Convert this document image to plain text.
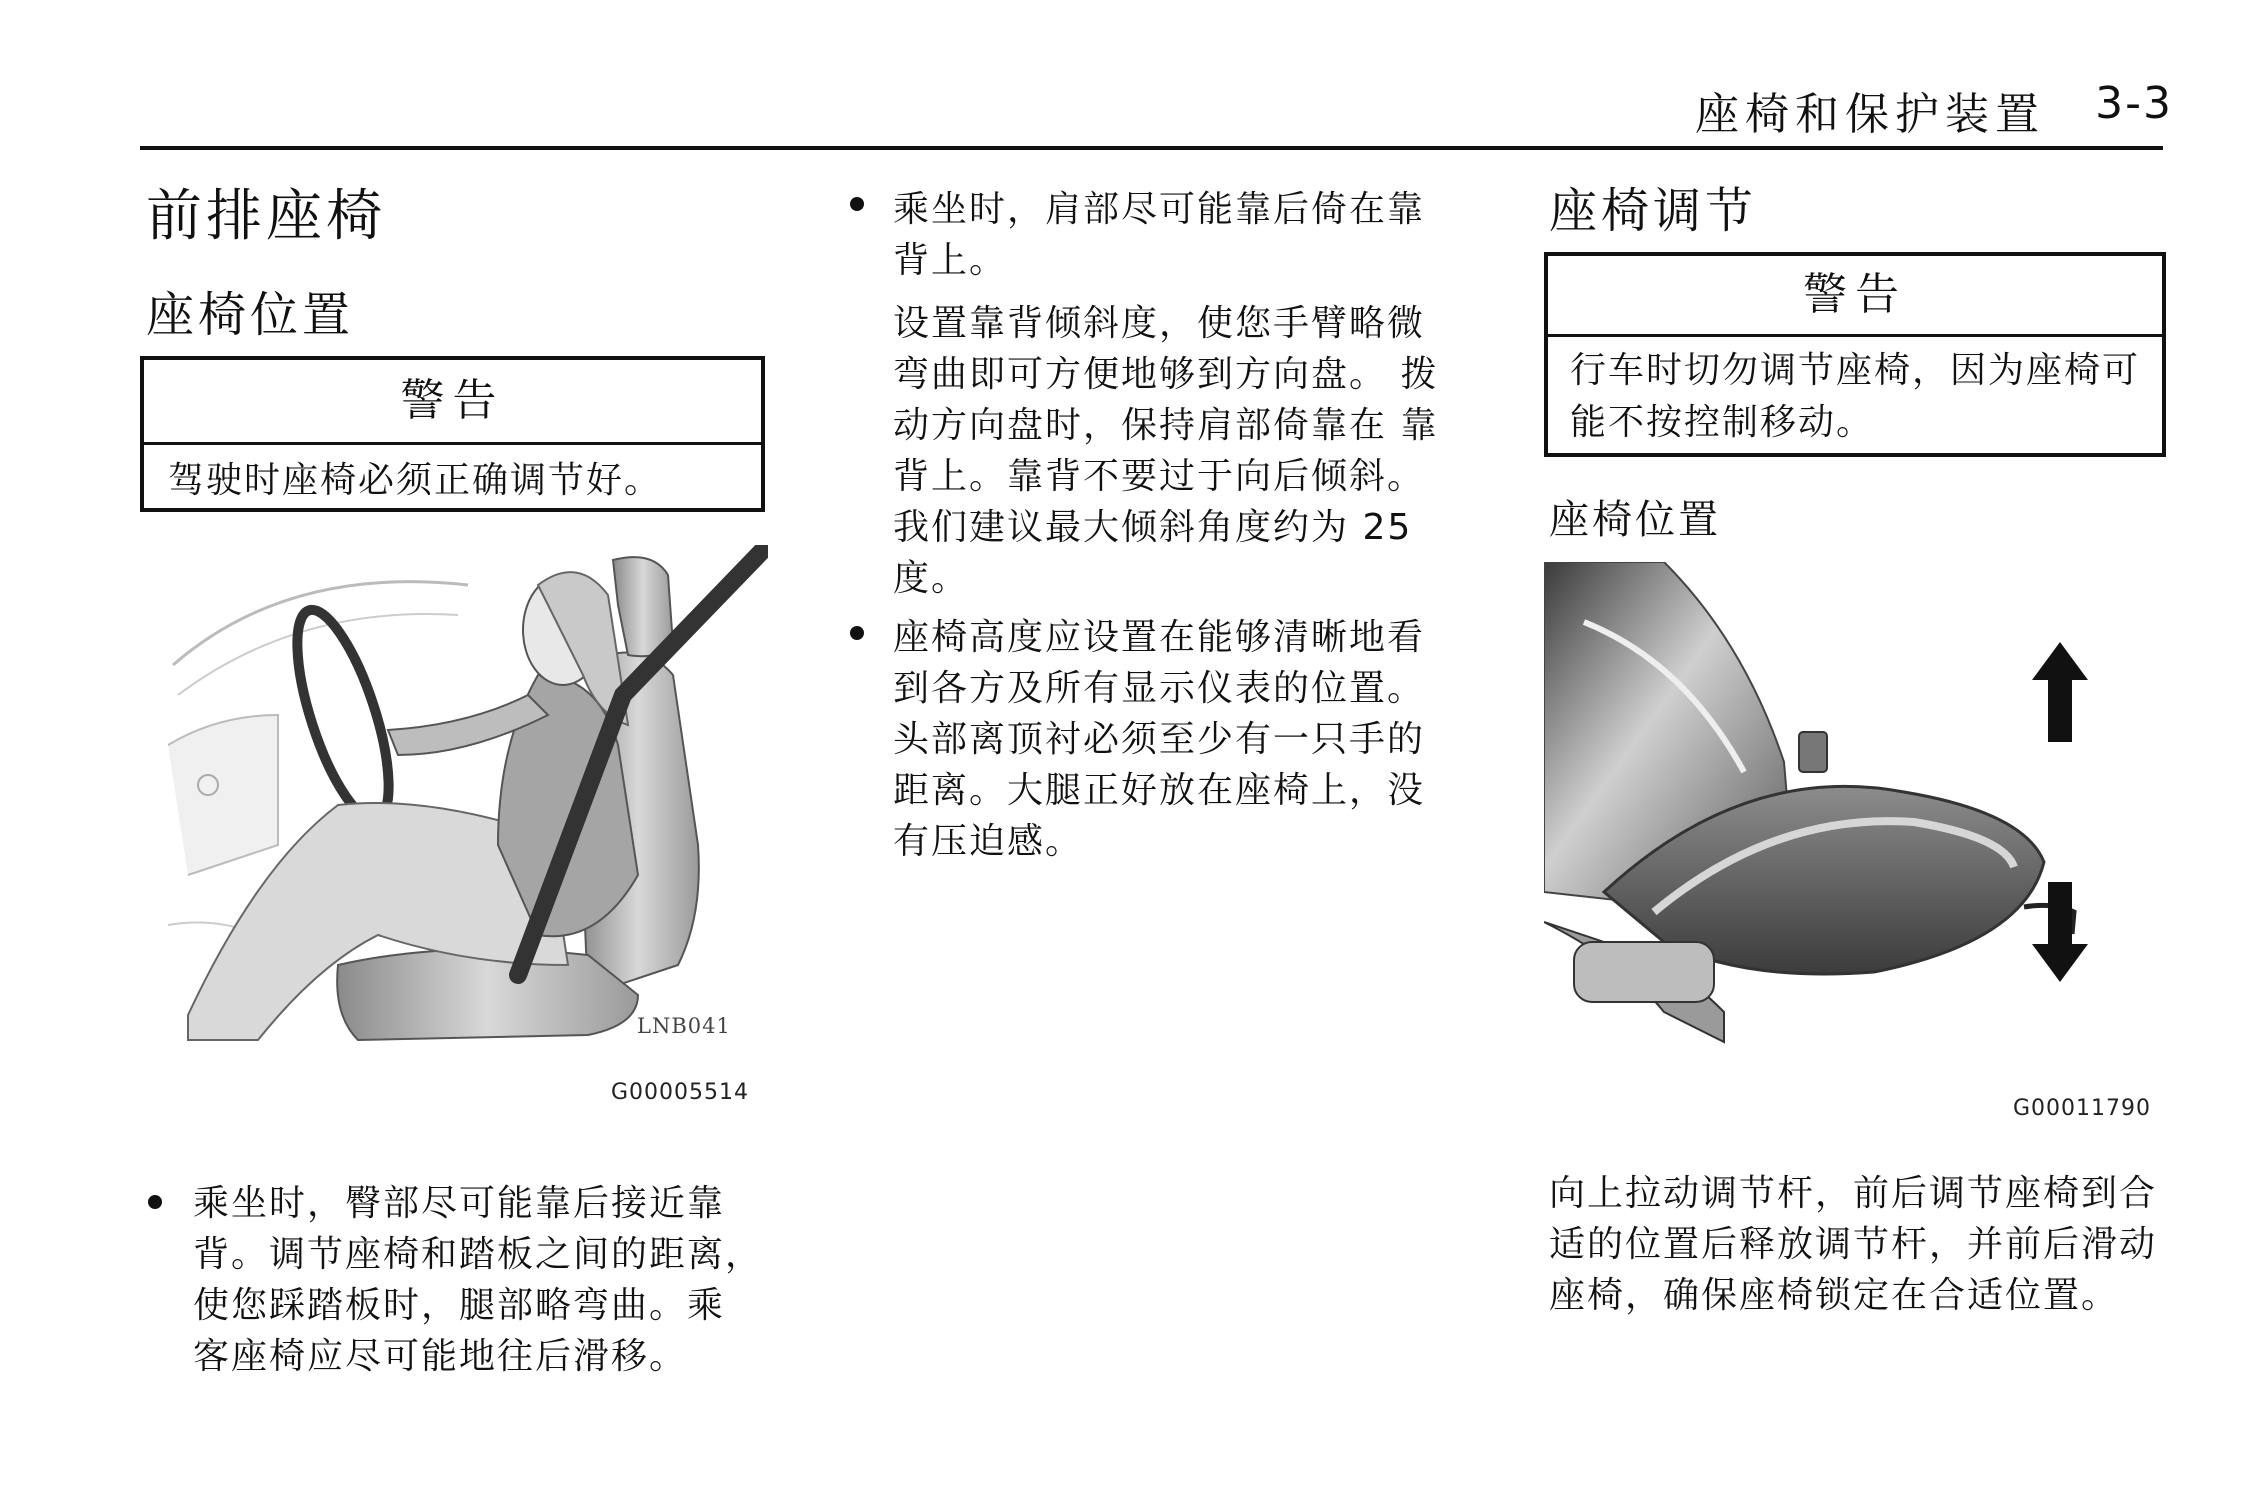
座椅和保护装置 3-3
前排座椅
座椅位置
警告
驾驶时座椅必须正确调节好。
LNB041
G00005514
乘坐时，臀部尽可能靠后接近靠
背。调节座椅和踏板之间的距离，
使您踩踏板时，腿部略弯曲。乘
客座椅应尽可能地往后滑移。
乘坐时，肩部尽可能靠后倚在靠
背上。
设置靠背倾斜度，使您手臂略微
弯曲即可方便地够到方向盘。 拨
动方向盘时，保持肩部倚靠在 靠
背上。靠背不要过于向后倾斜。
我们建议最大倾斜角度约为 25
度。
座椅高度应设置在能够清晰地看
到各方及所有显示仪表的位置。
头部离顶衬必须至少有一只手的
距离。大腿正好放在座椅上，没
有压迫感。
座椅调节
警告
行车时切勿调节座椅，因为座椅可
能不按控制移动。
座椅位置
G00011790
向上拉动调节杆，前后调节座椅到合
适的位置后释放调节杆，并前后滑动
座椅，确保座椅锁定在合适位置。
